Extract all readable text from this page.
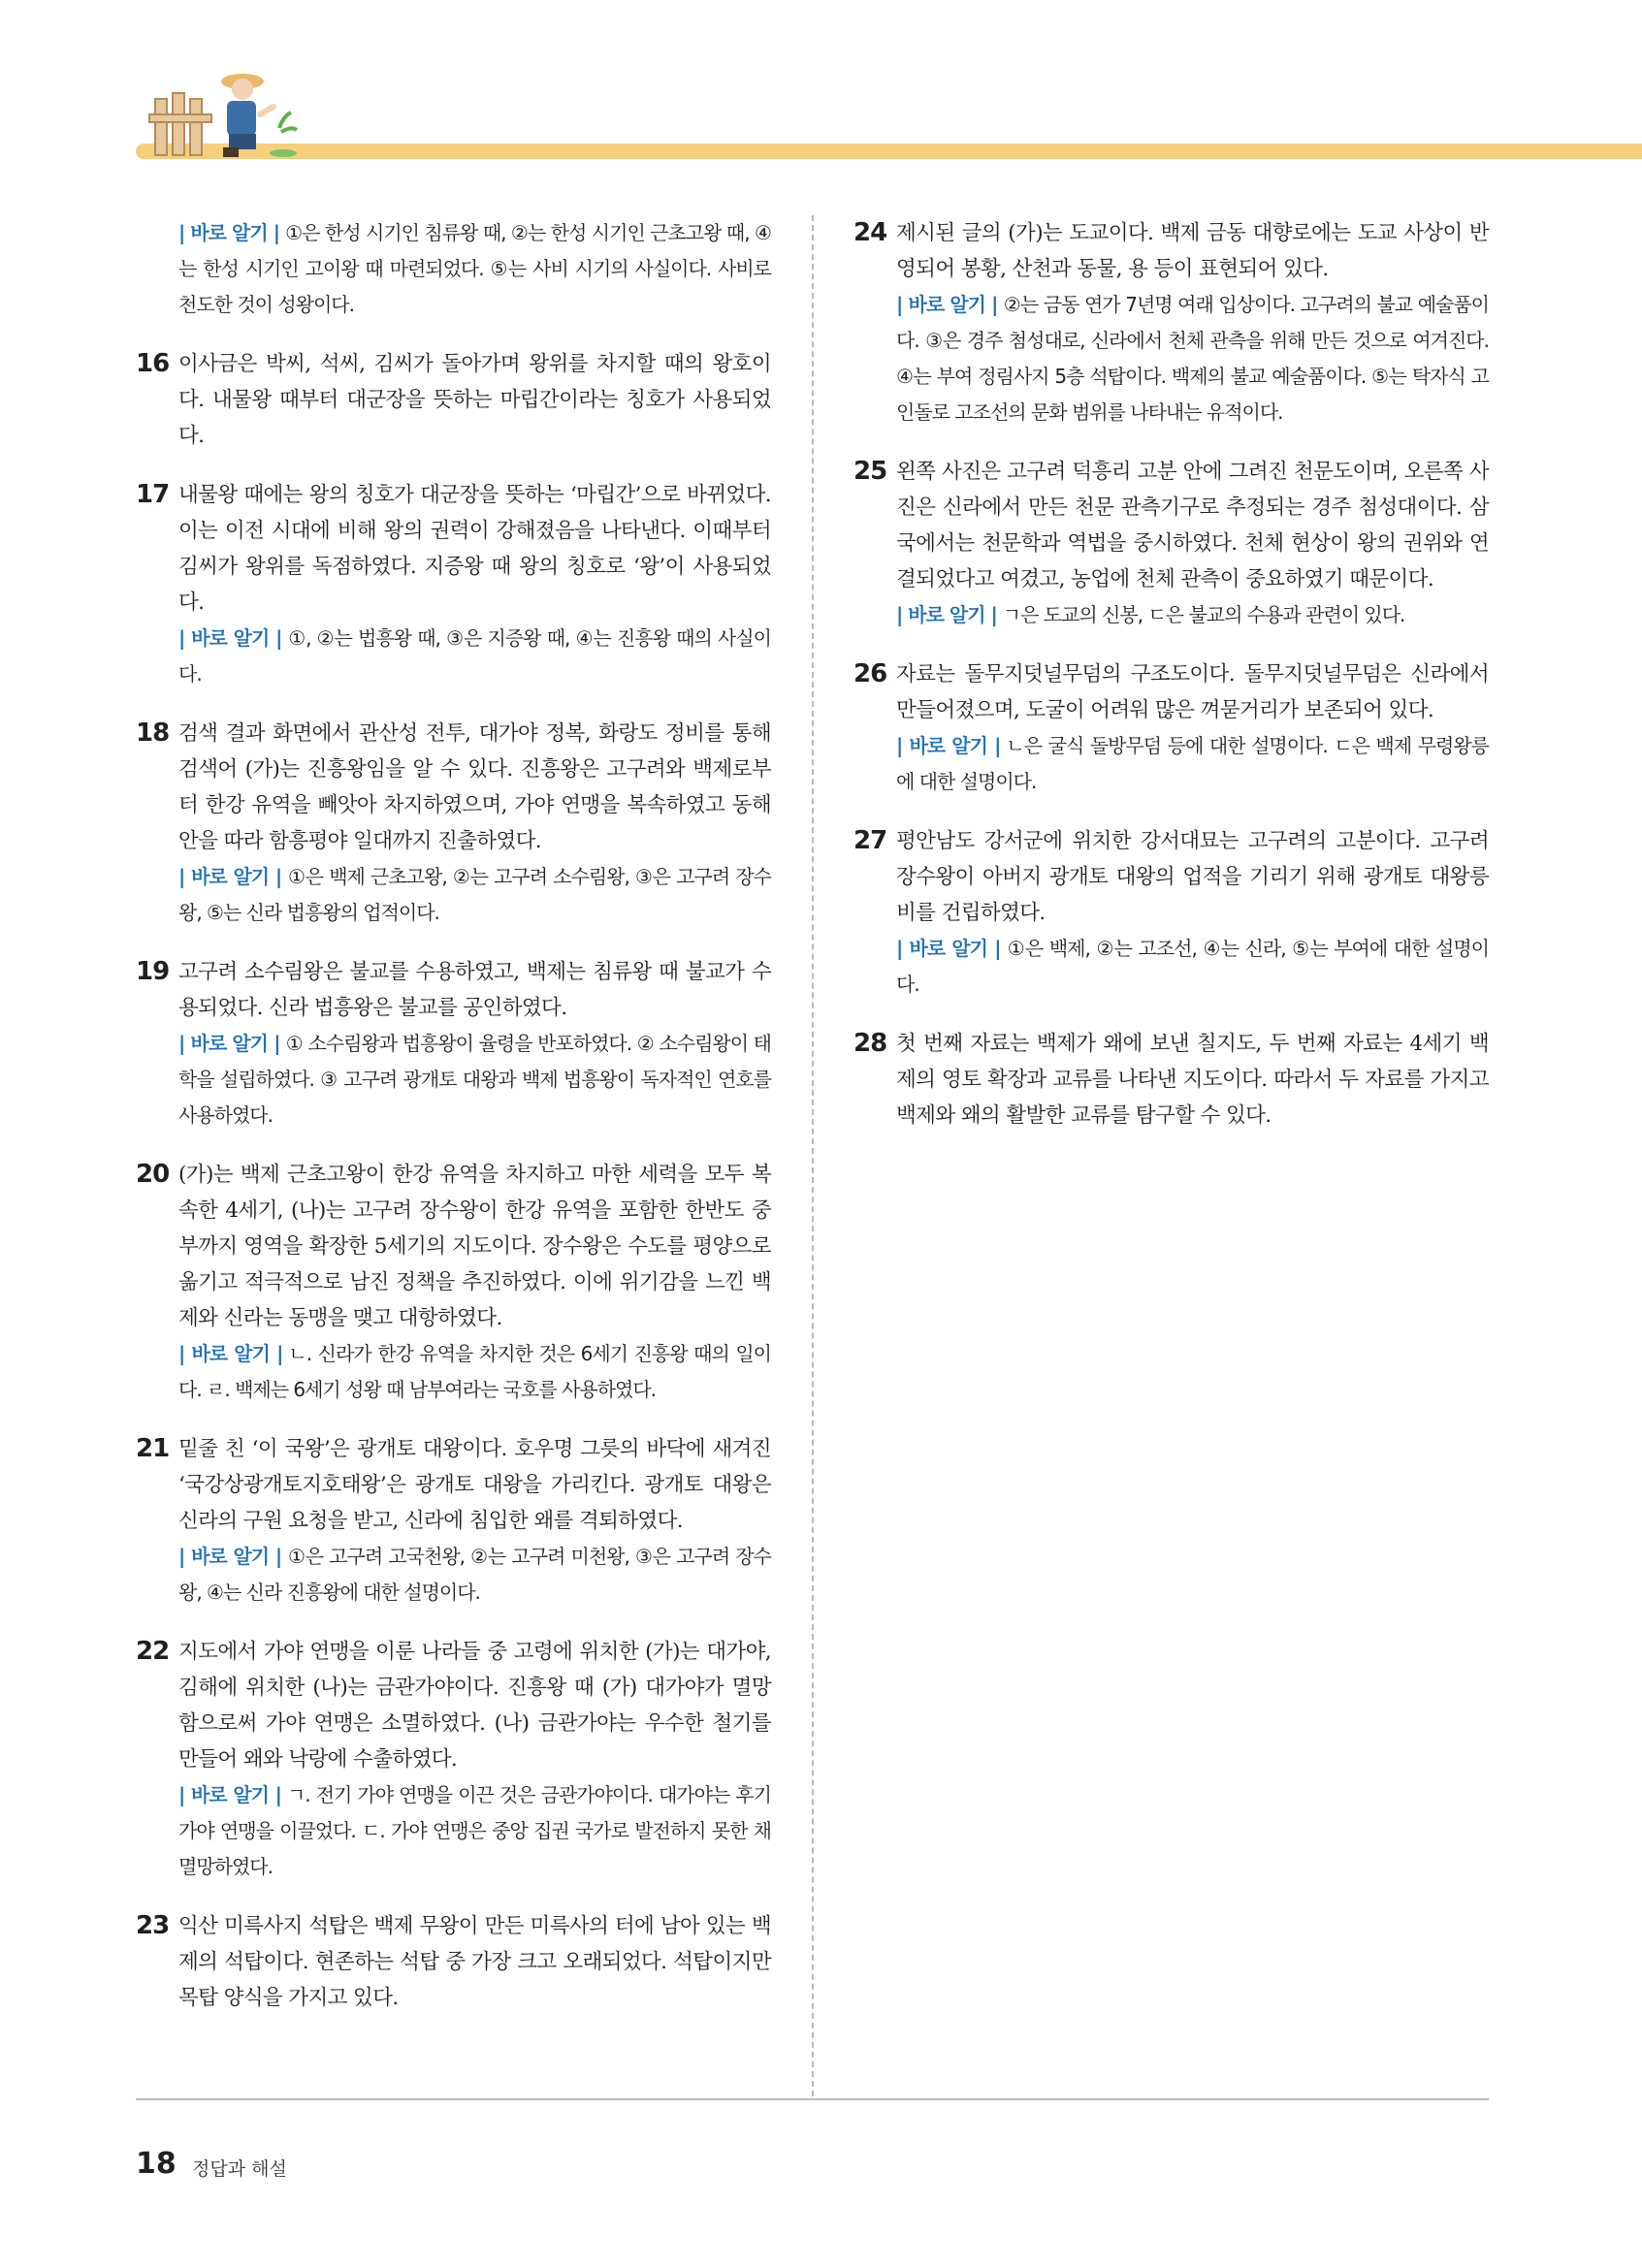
| 바로 알기 | ①은 한성 시기인 침류왕 때, ②는 한성 시기인 근초고왕 때, ④는 한성 시기인 고이왕 때 마련되었다. ⑤는 사비 시기의 사실이다. 사비로 천도한 것이 성왕이다.

16 이사금은 박씨, 석씨, 김씨가 돌아가며 왕위를 차지할 때의 왕호이다. 내물왕 때부터 대군장을 뜻하는 마립간이라는 칭호가 사용되었다.

17 내물왕 때에는 왕의 칭호가 대군장을 뜻하는 ‘마립간’으로 바뀌었다. 이는 이전 시대에 비해 왕의 권력이 강해졌음을 나타낸다. 이때부터 김씨가 왕위를 독점하였다. 지증왕 때 왕의 칭호로 ‘왕’이 사용되었다.

| 바로 알기 | ①, ②는 법흥왕 때, ③은 지증왕 때, ④는 진흥왕 때의 사실이다.

18 검색 결과 화면에서 관산성 전투, 대가야 정복, 화랑도 정비를 통해 검색어 (가)는 진흥왕임을 알 수 있다. 진흥왕은 고구려와 백제로부터 한강 유역을 빼앗아 차지하였으며, 가야 연맹을 복속하였고 동해안을 따라 함흥평야 일대까지 진출하였다.

| 바로 알기 | ①은 백제 근초고왕, ②는 고구려 소수림왕, ③은 고구려 장수왕, ⑤는 신라 법흥왕의 업적이다.

19 고구려 소수림왕은 불교를 수용하였고, 백제는 침류왕 때 불교가 수용되었다. 신라 법흥왕은 불교를 공인하였다.

| 바로 알기 | ① 소수림왕과 법흥왕이 율령을 반포하였다. ② 소수림왕이 태학을 설립하였다. ③ 고구려 광개토 대왕과 백제 법흥왕이 독자적인 연호를 사용하였다.

20 (가)는 백제 근초고왕이 한강 유역을 차지하고 마한 세력을 모두 복속한 4세기, (나)는 고구려 장수왕이 한강 유역을 포함한 한반도 중부까지 영역을 확장한 5세기의 지도이다. 장수왕은 수도를 평양으로 옮기고 적극적으로 남진 정책을 추진하였다. 이에 위기감을 느낀 백제와 신라는 동맹을 맺고 대항하였다.

| 바로 알기 | ㄴ. 신라가 한강 유역을 차지한 것은 6세기 진흥왕 때의 일이다. ㄹ. 백제는 6세기 성왕 때 남부여라는 국호를 사용하였다.

21 밑줄 친 ‘이 국왕’은 광개토 대왕이다. 호우명 그릇의 바닥에 새겨진 ‘국강상광개토지호태왕’은 광개토 대왕을 가리킨다. 광개토 대왕은 신라의 구원 요청을 받고, 신라에 침입한 왜를 격퇴하였다.

| 바로 알기 | ①은 고구려 고국천왕, ②는 고구려 미천왕, ③은 고구려 장수왕, ④는 신라 진흥왕에 대한 설명이다.

22 지도에서 가야 연맹을 이룬 나라들 중 고령에 위치한 (가)는 대가야, 김해에 위치한 (나)는 금관가야이다. 진흥왕 때 (가) 대가야가 멸망함으로써 가야 연맹은 소멸하였다. (나) 금관가야는 우수한 철기를 만들어 왜와 낙랑에 수출하였다.

| 바로 알기 | ㄱ. 전기 가야 연맹을 이끈 것은 금관가야이다. 대가야는 후기 가야 연맹을 이끌었다. ㄷ. 가야 연맹은 중앙 집권 국가로 발전하지 못한 채 멸망하였다.

23 익산 미륵사지 석탑은 백제 무왕이 만든 미륵사의 터에 남아 있는 백제의 석탑이다. 현존하는 석탑 중 가장 크고 오래되었다. 석탑이지만 목탑 양식을 가지고 있다.

24 제시된 글의 (가)는 도교이다. 백제 금동 대향로에는 도교 사상이 반영되어 봉황, 산천과 동물, 용 등이 표현되어 있다.

| 바로 알기 | ②는 금동 연가 7년명 여래 입상이다. 고구려의 불교 예술품이다. ③은 경주 첨성대로, 신라에서 천체 관측을 위해 만든 것으로 여겨진다. ④는 부여 정림사지 5층 석탑이다. 백제의 불교 예술품이다. ⑤는 탁자식 고인돌로 고조선의 문화 범위를 나타내는 유적이다.

25 왼쪽 사진은 고구려 덕흥리 고분 안에 그려진 천문도이며, 오른쪽 사진은 신라에서 만든 천문 관측기구로 추정되는 경주 첨성대이다. 삼국에서는 천문학과 역법을 중시하였다. 천체 현상이 왕의 권위와 연결되었다고 여겼고, 농업에 천체 관측이 중요하였기 때문이다.

| 바로 알기 | ㄱ은 도교의 신봉, ㄷ은 불교의 수용과 관련이 있다.

26 자료는 돌무지덧널무덤의 구조도이다. 돌무지덧널무덤은 신라에서 만들어졌으며, 도굴이 어려워 많은 껴묻거리가 보존되어 있다.

| 바로 알기 | ㄴ은 굴식 돌방무덤 등에 대한 설명이다. ㄷ은 백제 무령왕릉에 대한 설명이다.

27 평안남도 강서군에 위치한 강서대묘는 고구려의 고분이다. 고구려 장수왕이 아버지 광개토 대왕의 업적을 기리기 위해 광개토 대왕릉비를 건립하였다.

| 바로 알기 | ①은 백제, ②는 고조선, ④는 신라, ⑤는 부여에 대한 설명이다.

28 첫 번째 자료는 백제가 왜에 보낸 칠지도, 두 번째 자료는 4세기 백제의 영토 확장과 교류를 나타낸 지도이다. 따라서 두 자료를 가지고 백제와 왜의 활발한 교류를 탐구할 수 있다.

18 정답과 해설
